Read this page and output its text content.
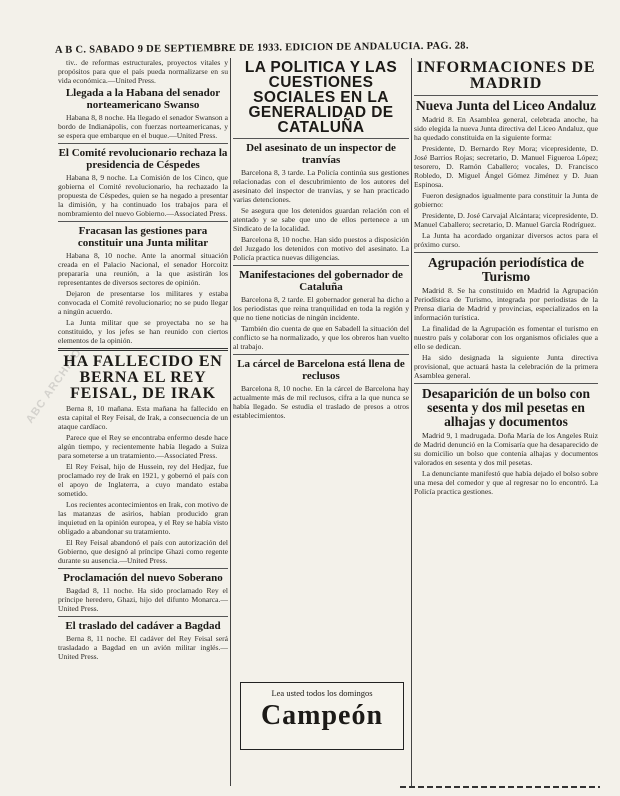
ABC ARCHIVO
A B C. SABADO 9 DE SEPTIEMBRE DE 1933. EDICION DE ANDALUCIA. PAG. 28.

tiv.. de reformas estructurales, proyectos vitales y propósitos para que el país pueda normalizarse en su vida económica.—United Press.

Llegada a la Habana del senador norteamericano Swanso

Habana 8, 8 noche. Ha llegado el senador Swanson a bordo de Indianápolis, con fuerzas norteamericanas, y se espera que embarque en el buque.—United Press.

El Comité revolucionario rechaza la presidencia de Céspedes

Habana 8, 9 noche. La Comisión de los Cinco, que gobierna el Comité revolucionario, ha rechazado la propuesta de Céspedes, quien se ha negado a presentar la dimisión, y ha continuado los trabajos para el nombramiento del nuevo Gobierno.—Associated Press.

Fracasan las gestiones para constituir una Junta militar

Habana 8, 10 noche. Ante la anormal situación creada en el Palacio Nacional, el senador Horcoitz prepararía una reunión, a la que asistirán los representantes de diversos sectores de opinión.

Dejaron de presentarse los militares y estaba convocada el Comité revolucionario; no se pudo llegar a ningún acuerdo.

La Junta militar que se proyectaba no se ha constituido, y los jefes se han reunido con ciertos elementos de la opinión.

HA FALLECIDO EN BERNA EL REY FEISAL, DE IRAK

Berna 8, 10 mañana. Esta mañana ha fallecido en esta capital el Rey Feisal, de Irak, a consecuencia de un ataque cardíaco.

Parece que el Rey se encontraba enfermo desde hace algún tiempo, y recientemente había llegado a Suiza para someterse a un tratamiento.—Associated Press.

El Rey Feisal, hijo de Hussein, rey del Hedjaz, fue proclamado rey de Irak en 1921, y gobernó el país con el apoyo de Inglaterra, a cuyo mandato estaba sometido.

Los recientes acontecimientos en Irak, con motivo de las matanzas de asirios, habían producido gran inquietud en la opinión europea, y el Rey se había visto obligado a abandonar su tratamiento.

El Rey Feisal abandonó el país con autorización del Gobierno, que designó al príncipe Ghazi como regente durante su ausencia.—United Press.

Proclamación del nuevo Soberano

Bagdad 8, 11 noche. Ha sido proclamado Rey el príncipe heredero, Ghazi, hijo del difunto Monarca.—United Press.

El traslado del cadáver a Bagdad

Berna 8, 11 noche. El cadáver del Rey Feisal será trasladado a Bagdad en un avión militar inglés.—United Press.

LA POLITICA Y LAS CUESTIONES SOCIALES EN LA GENERALIDAD DE CATALUÑA
Del asesinato de un inspector de tranvías

Barcelona 8, 3 tarde. La Policía continúa sus gestiones relacionadas con el descubrimiento de los autores del asesinato del inspector de tranvías, y se han practicado varias detenciones.

Se asegura que los detenidos guardan relación con el atentado y se sabe que uno de ellos pertenece a un Sindicato de la localidad.

Barcelona 8, 10 noche. Han sido puestos a disposición del Juzgado los detenidos con motivo del asesinato. La Policía practica nuevas diligencias.

Manifestaciones del gobernador de Cataluña

Barcelona 8, 2 tarde. El gobernador general ha dicho a los periodistas que reina tranquilidad en toda la región y que no tiene noticias de ningún incidente.

También dio cuenta de que en Sabadell la situación del conflicto se ha normalizado, y que los obreros han vuelto al trabajo.

La cárcel de Barcelona está llena de reclusos

Barcelona 8, 10 noche. En la cárcel de Barcelona hay actualmente más de mil reclusos, cifra a la que nunca se había llegado. Se estudia el traslado de presos a otros establecimientos.

Lea usted todos los domingos
Campeón
INFORMACIONES DE MADRID
Nueva Junta del Liceo Andaluz

Madrid 8. En Asamblea general, celebrada anoche, ha sido elegida la nueva Junta directiva del Liceo Andaluz, que ha quedado constituida en la siguiente forma:

Presidente, D. Bernardo Rey Mora; vicepresidente, D. José Barrios Rojas; secretario, D. Manuel Figueroa López; tesorero, D. Ramón Caballero; vocales, D. Francisco Robledo, D. Miguel Ángel Gómez Jiménez y D. Juan Espinosa.

Fueron designados igualmente para constituir la Junta de gobierno:

Presidente, D. José Carvajal Alcántara; vicepresidente, D. Manuel Caballero; secretario, D. Manuel García Rodríguez.

La Junta ha acordado organizar diversos actos para el próximo curso.

Agrupación periodística de Turismo

Madrid 8. Se ha constituido en Madrid la Agrupación Periodística de Turismo, integrada por periodistas de la Prensa diaria de Madrid y provincias, especializados en la información turística.

La finalidad de la Agrupación es fomentar el turismo en nuestro país y colaborar con los organismos oficiales que a ello se dedican.

Ha sido designada la siguiente Junta directiva provisional, que actuará hasta la celebración de la primera Asamblea general.

Desaparición de un bolso con sesenta y dos mil pesetas en alhajas y documentos

Madrid 9, 1 madrugada. Doña María de los Angeles Ruiz de Madrid denunció en la Comisaría que ha desaparecido de su domicilio un bolso que contenía alhajas y documentos valorados en sesenta y dos mil pesetas.

La denunciante manifestó que había dejado el bolso sobre una mesa del comedor y que al regresar no lo encontró. La Policía practica gestiones.
